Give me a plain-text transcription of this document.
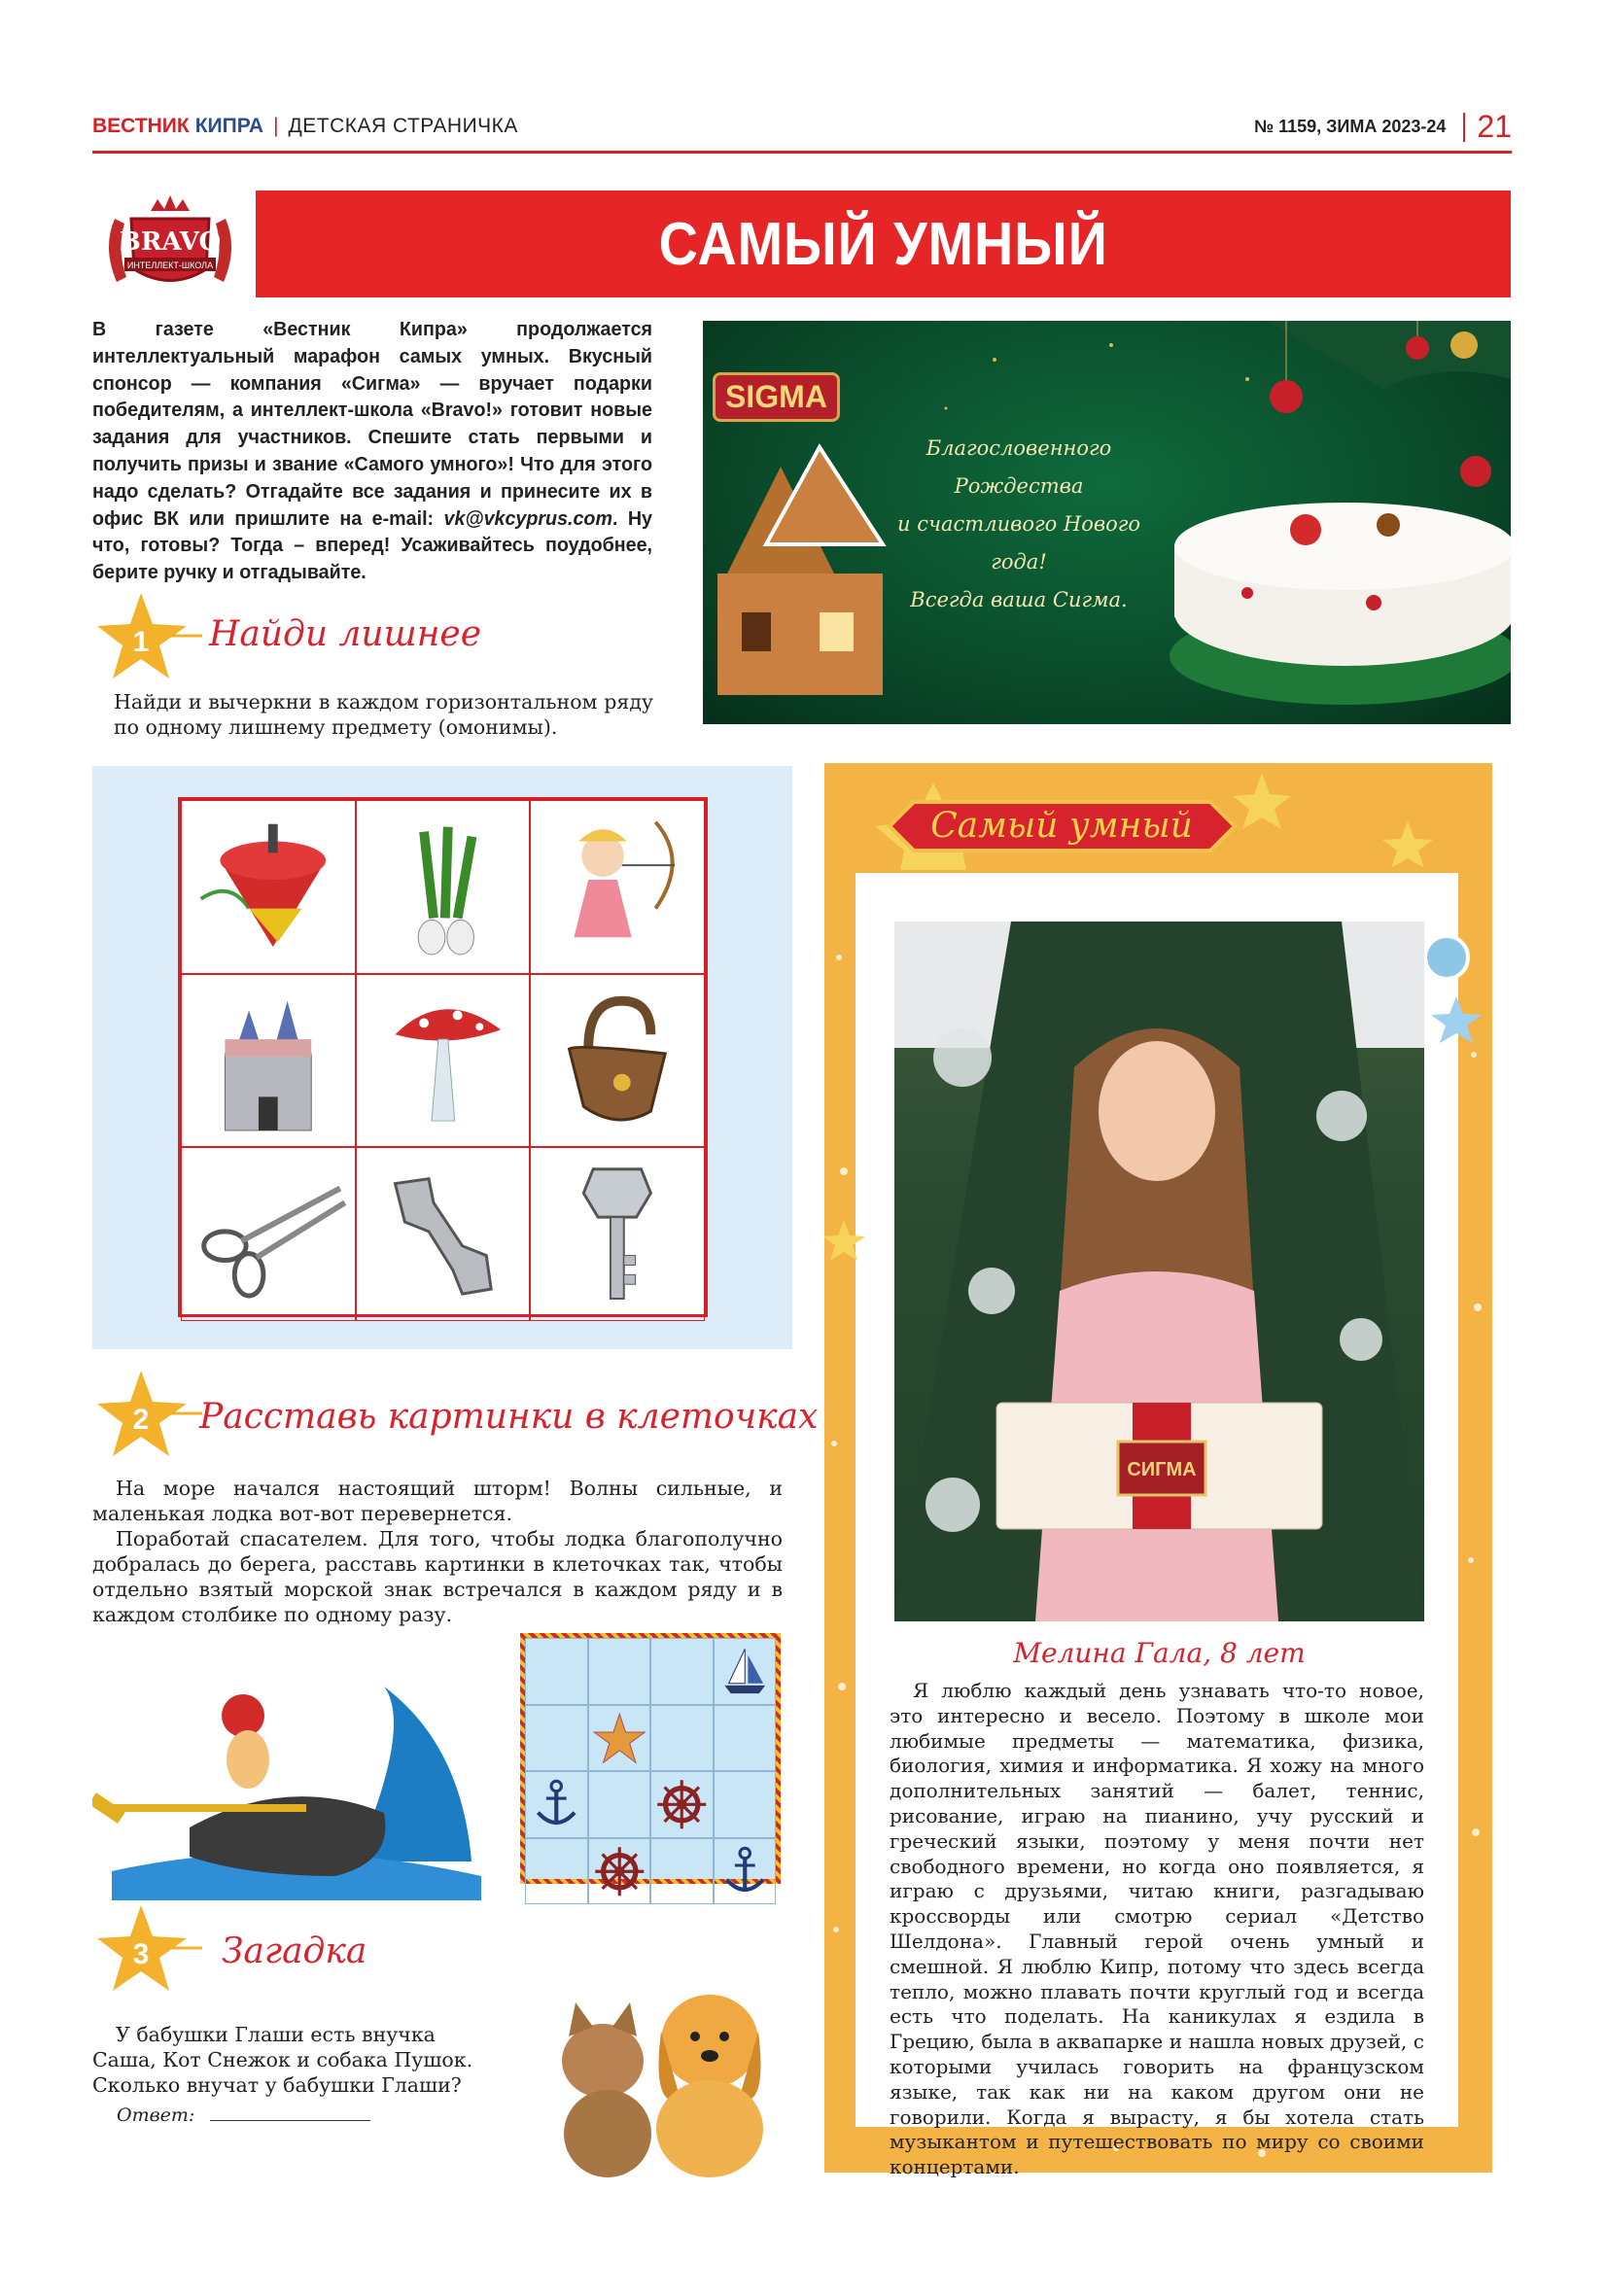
ВЕСТНИК КИПРА | ДЕТСКАЯ СТРАНИЧКА	№ 1159, ЗИМА 2023-24 21
BRAVO
ИНТЕЛЛЕКТ-ШКОЛА	САМЫЙ УМНЫЙ
В газете «Вестник Кипра» продолжается интеллектуальный марафон самых умных. Вкусный спонсор — компания «Сигма» — вручает подарки победителям, а интеллект-школа «Bravo!» готовит новые задания для участников. Спешите стать первыми и получить призы и звание «Самого умного»! Что для этого надо сделать? Отгадайте все задания и принесите их в офис ВК или пришлите на e-mail: vk@vkcyprus.com. Ну что, готовы? Тогда – вперед! Усаживайтесь поудобнее, берите ручку и отгадывайте.
SIGMA
Благословенного Рождества
и счастливого Нового года!
Всегда ваша Сигма.
1 Найди лишнее
Найди и вычеркни в каждом горизонтальном ряду по одному лишнему предмету (омонимы).
2 Расставь картинки в клеточках
На море начался настоящий шторм! Волны сильные, и маленькая лодка вот-вот перевернется.
Поработай спасателем. Для того, чтобы лодка благополучно добралась до берега, расставь картинки в клеточках так, чтобы отдельно взятый морской знак встречался в каждом ряду и в каждом столбике по одному разу.
3 Загадка
У бабушки Глаши есть внучка Саша, Кот Снежок и собака Пушок. Сколько внучат у бабушки Глаши?
Ответ:
Самый умный
СИГМА
Мелина Гала, 8 лет
Я люблю каждый день узнавать что-то новое, это интересно и весело. Поэтому в школе мои любимые предметы — математика, физика, биология, химия и информатика. Я хожу на много дополнительных занятий — балет, теннис, рисование, играю на пианино, учу русский и греческий языки, поэтому у меня почти нет свободного времени, но когда оно появляется, я играю с друзьями, читаю книги, разгадываю кроссворды или смотрю сериал «Детство Шелдона». Главный герой очень умный и смешной. Я люблю Кипр, потому что здесь всегда тепло, можно плавать почти круглый год и всегда есть что поделать. На каникулах я ездила в Грецию, была в аквапарке и нашла новых друзей, с которыми училась говорить на французском языке, так как ни на каком другом они не говорили. Когда я вырасту, я бы хотела стать музыкантом и путешествовать по миру со своими концертами.
